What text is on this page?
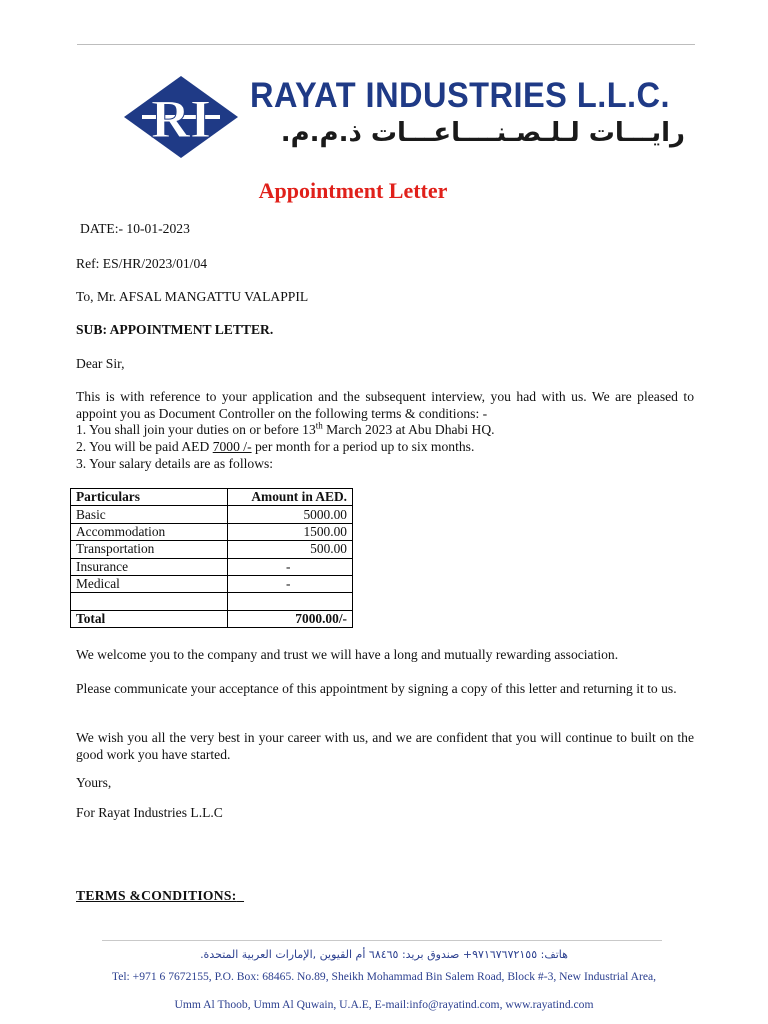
RI RAYAT INDUSTRIES L.L.C.
رايـــات لـلـصـنــــاعـــات ذ.م.م.
Appointment Letter
DATE:- 10-01-2023
Ref: ES/HR/2023/01/04
To, Mr. AFSAL MANGATTU VALAPPIL
SUB: APPOINTMENT LETTER.
Dear Sir,
This is with reference to your application and the subsequent interview, you had with us. We are pleased to appoint you as Document Controller on the following terms & conditions: -
1. You shall join your duties on or before 13th March 2023 at Abu Dhabi HQ.
2. You will be paid AED 7000 /- per month for a period up to six months.
3. Your salary details are as follows:
Particulars	Amount in AED.
Basic	5000.00
Accommodation	1500.00
Transportation	500.00
Insurance	-
Medical	-

Total	7000.00/-
We welcome you to the company and trust we will have a long and mutually rewarding association.
Please communicate your acceptance of this appointment by signing a copy of this letter and returning it to us.
We wish you all the very best in your career with us, and we are confident that you will continue to built on the good work you have started.
Yours,
For Rayat Industries L.L.C
TERMS &CONDITIONS:
هاتف: ٩٧١٦٧٦٧٢١٥٥+ صندوق بريد: ٦٨٤٦٥ أم القيوين ,الإمارات العربية المتحدة.
Tel: +971 6 7672155, P.O. Box: 68465. No.89, Sheikh Mohammad Bin Salem Road, Block #-3, New Industrial Area,
Umm Al Thoob, Umm Al Quwain, U.A.E, E-mail:info@rayatind.com, www.rayatind.com
